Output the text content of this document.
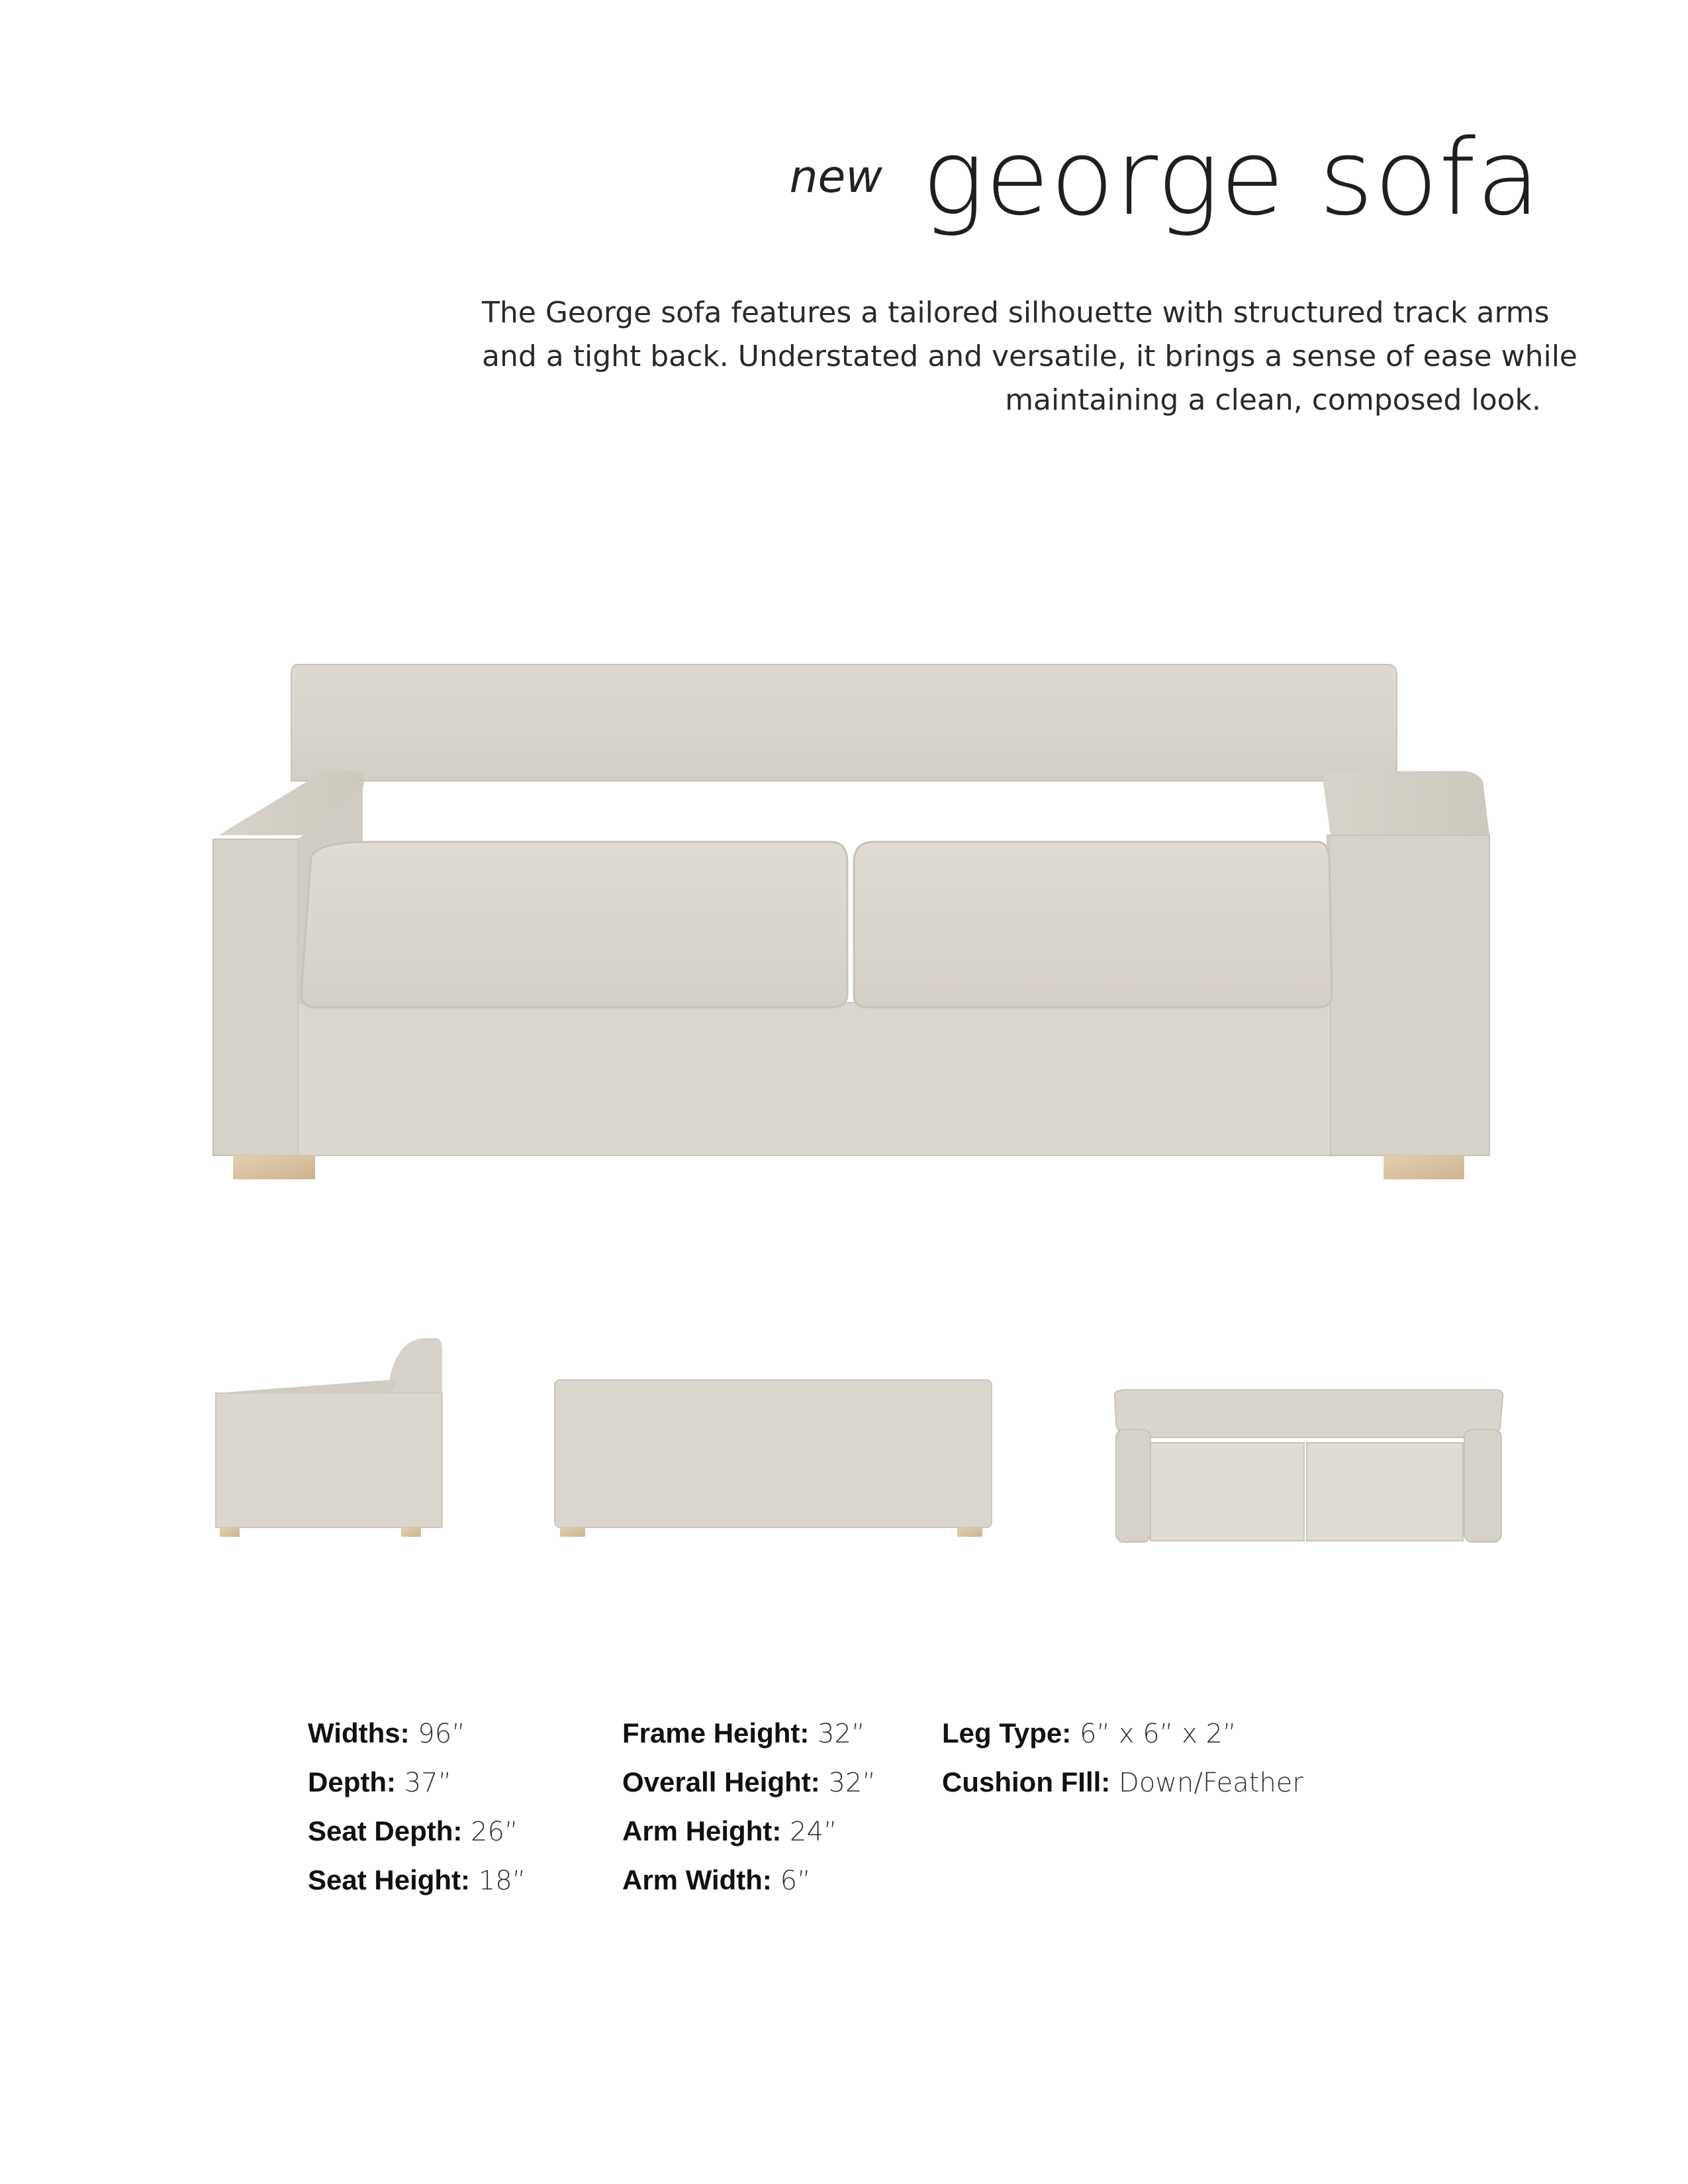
new george sofa
The George sofa features a tailored silhouette with structured track arms
and a tight back. Understated and versatile, it brings a sense of ease while
maintaining a clean, composed look.
Widths: 96”
Depth: 37”
Seat Depth: 26”
Seat Height: 18”
Frame Height: 32”
Overall Height: 32”
Arm Height: 24”
Arm Width: 6”
Leg Type: 6” x 6” x 2”
Cushion FIll: Down/Feather
